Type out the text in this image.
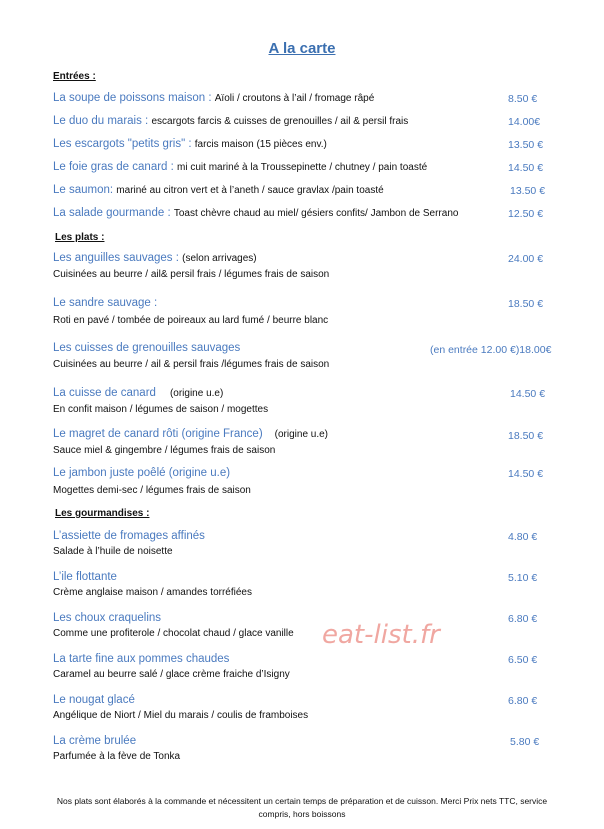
A la carte
Entrées :
La soupe de poissons maison : Aïoli / croutons à l’ail / fromage râpé	8.50 €
Le duo du marais : escargots farcis & cuisses de grenouilles / ail & persil frais	14.00€
Les escargots "petits gris" : farcis maison (15 pièces env.)	13.50 €
Le foie gras de canard : mi cuit mariné à la Troussepinette / chutney / pain toasté	14.50 €
Le saumon: mariné au citron vert et à l’aneth / sauce gravlax /pain toasté	13.50 €
La salade gourmande : Toast chèvre chaud au miel/ gésiers confits/ Jambon de Serrano	12.50 €
Les plats :
Les anguilles sauvages : (selon arrivages)	24.00 €
Cuisinées au beurre / ail& persil frais / légumes frais de saison
Le sandre sauvage :	18.50 €
Roti en pavé / tombée de poireaux au lard fumé / beurre blanc
Les cuisses de grenouilles sauvages	(en entrée 12.00 €)18.00€
Cuisinées au beurre / ail & persil frais /légumes frais de saison
La cuisse de canard (origine u.e)	14.50 €
En confit maison / légumes de saison / mogettes
Le magret de canard rôti (origine France) (origine u.e)	18.50 €
Sauce miel & gingembre / légumes frais de saison
Le jambon juste poêlé (origine u.e)	14.50 €
Mogettes demi-sec / légumes frais de saison
Les gourmandises :
L’assiette de fromages affinés	4.80 €
Salade à l’huile de noisette
L’ile flottante	5.10 €
Crème anglaise maison / amandes torréfiées
Les choux craquelins	6.80 €
Comme une profiterole / chocolat chaud / glace vanille
La tarte fine aux pommes chaudes	6.50 €
Caramel au beurre salé / glace crème fraiche d’Isigny
Le nougat glacé	6.80 €
Angélique de Niort / Miel du marais / coulis de framboises
La crème brulée	5.80 €
Parfumée à la fève de Tonka
eat-list.fr
Nos plats sont élaborés à la commande et nécessitent un certain temps de préparation et de cuisson. Merci Prix nets TTC, service compris, hors boissons
